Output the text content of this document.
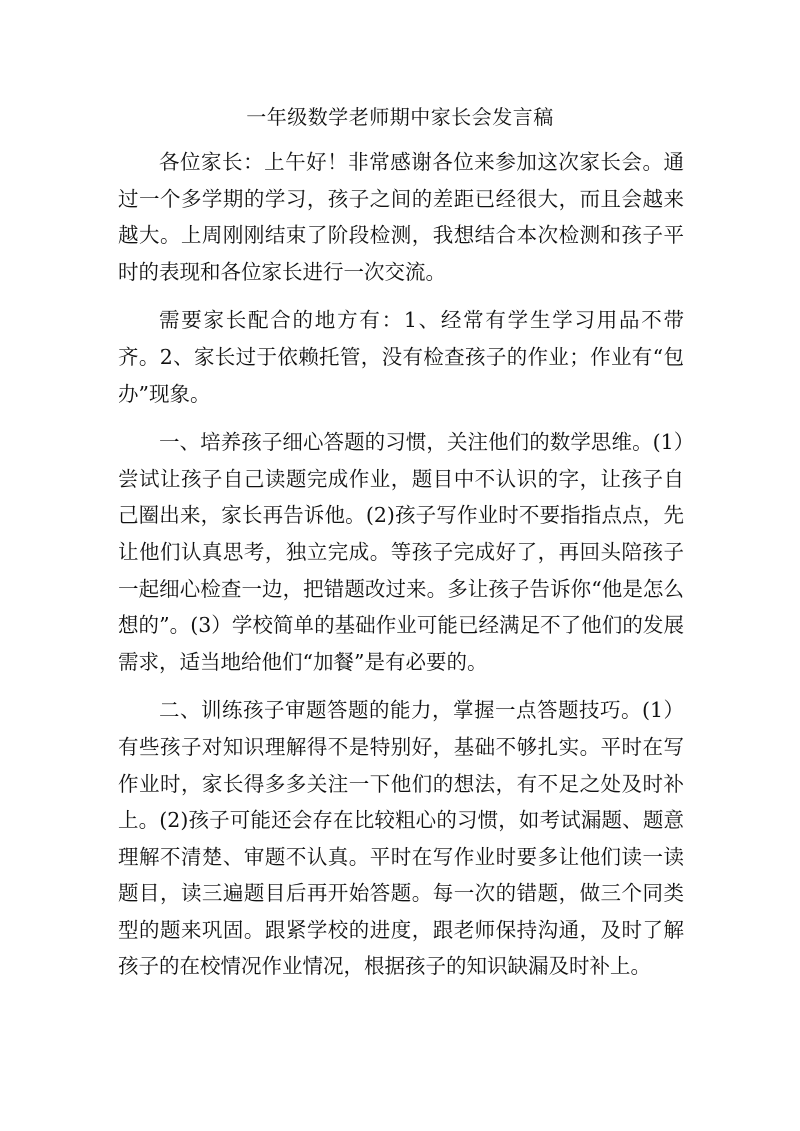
一年级数学老师期中家长会发言稿

各位家长：上午好！非常感谢各位来参加这次家长会。通过一个多学期的学习，孩子之间的差距已经很大，而且会越来越大。上周刚刚结束了阶段检测，我想结合本次检测和孩子平时的表现和各位家长进行一次交流。

需要家长配合的地方有：1、经常有学生学习用品不带齐。2、家长过于依赖托管，没有检查孩子的作业；作业有“包办”现象。

一、培养孩子细心答题的习惯，关注他们的数学思维。(1）尝试让孩子自己读题完成作业，题目中不认识的字，让孩子自己圈出来，家长再告诉他。(2)孩子写作业时不要指指点点，先让他们认真思考，独立完成。等孩子完成好了，再回头陪孩子一起细心检查一边，把错题改过来。多让孩子告诉你“他是怎么想的”。(3）学校简单的基础作业可能已经满足不了他们的发展需求，适当地给他们“加餐”是有必要的。

二、训练孩子审题答题的能力，掌握一点答题技巧。(1）有些孩子对知识理解得不是特别好，基础不够扎实。平时在写作业时，家长得多多关注一下他们的想法，有不足之处及时补上。(2)孩子可能还会存在比较粗心的习惯，如考试漏题、题意理解不清楚、审题不认真。平时在写作业时要多让他们读一读题目，读三遍题目后再开始答题。每一次的错题，做三个同类型的题来巩固。跟紧学校的进度，跟老师保持沟通，及时了解孩子的在校情况作业情况，根据孩子的知识缺漏及时补上。
